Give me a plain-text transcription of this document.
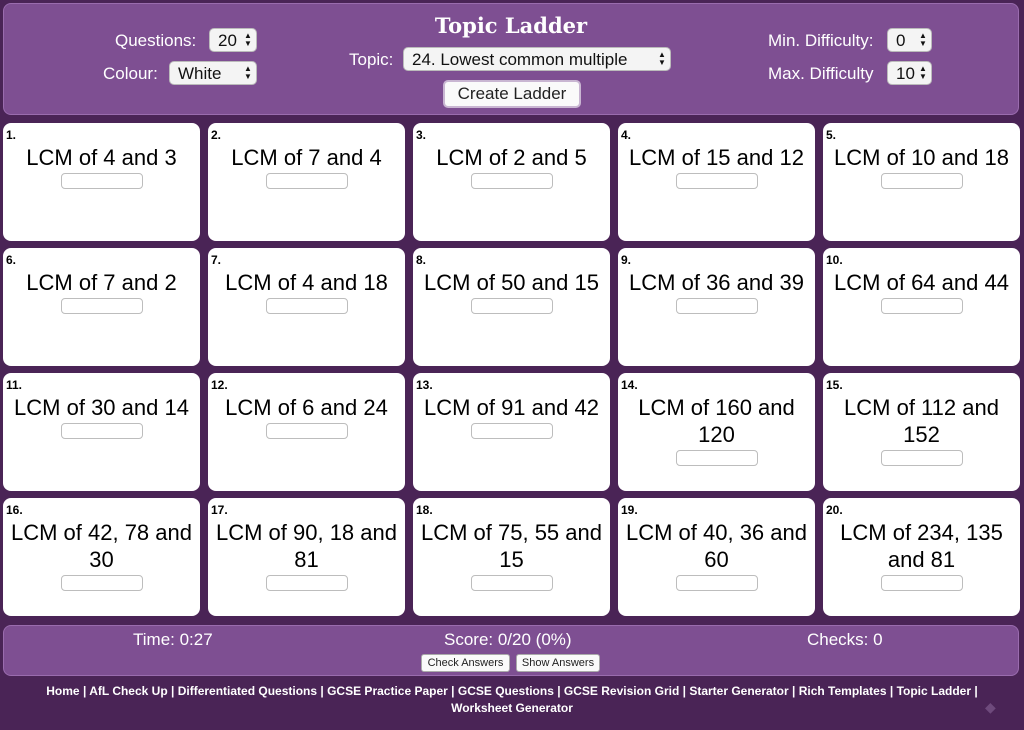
Topic Ladder
Questions:	20 ▲
▼
Colour:	White	▲
▼
Topic:	24. Lowest common multiple	▲
▼
Min. Difficulty:	0 ▲
▼
Max. Difficulty	10 ▲
▼
Create Ladder
1.
LCM of 4 and 3
2.
LCM of 7 and 4
3.
LCM of 2 and 5
4.
LCM of 15 and 12
5.
LCM of 10 and 18
6.
LCM of 7 and 2
7.
LCM of 4 and 18
8.
LCM of 50 and 15
9.
LCM of 36 and 39
10.
LCM of 64 and 44
11.
LCM of 30 and 14
12.
LCM of 6 and 24
13.
LCM of 91 and 42
14.
LCM of 160 and 120
15.
LCM of 112 and 152
16.
LCM of 42, 78 and 30
17.
LCM of 90, 18 and 81
18.
LCM of 75, 55 and 15
19.
LCM of 40, 36 and 60
20.
LCM of 234, 135 and 81
Time: 0:27	Score: 0/20 (0%)	Checks: 0
Check Answers	Show Answers
Home | AfL Check Up | Differentiated Questions | GCSE Practice Paper | GCSE Questions | GCSE Revision Grid | Starter Generator | Rich Templates | Topic Ladder | Worksheet Generator	◆
